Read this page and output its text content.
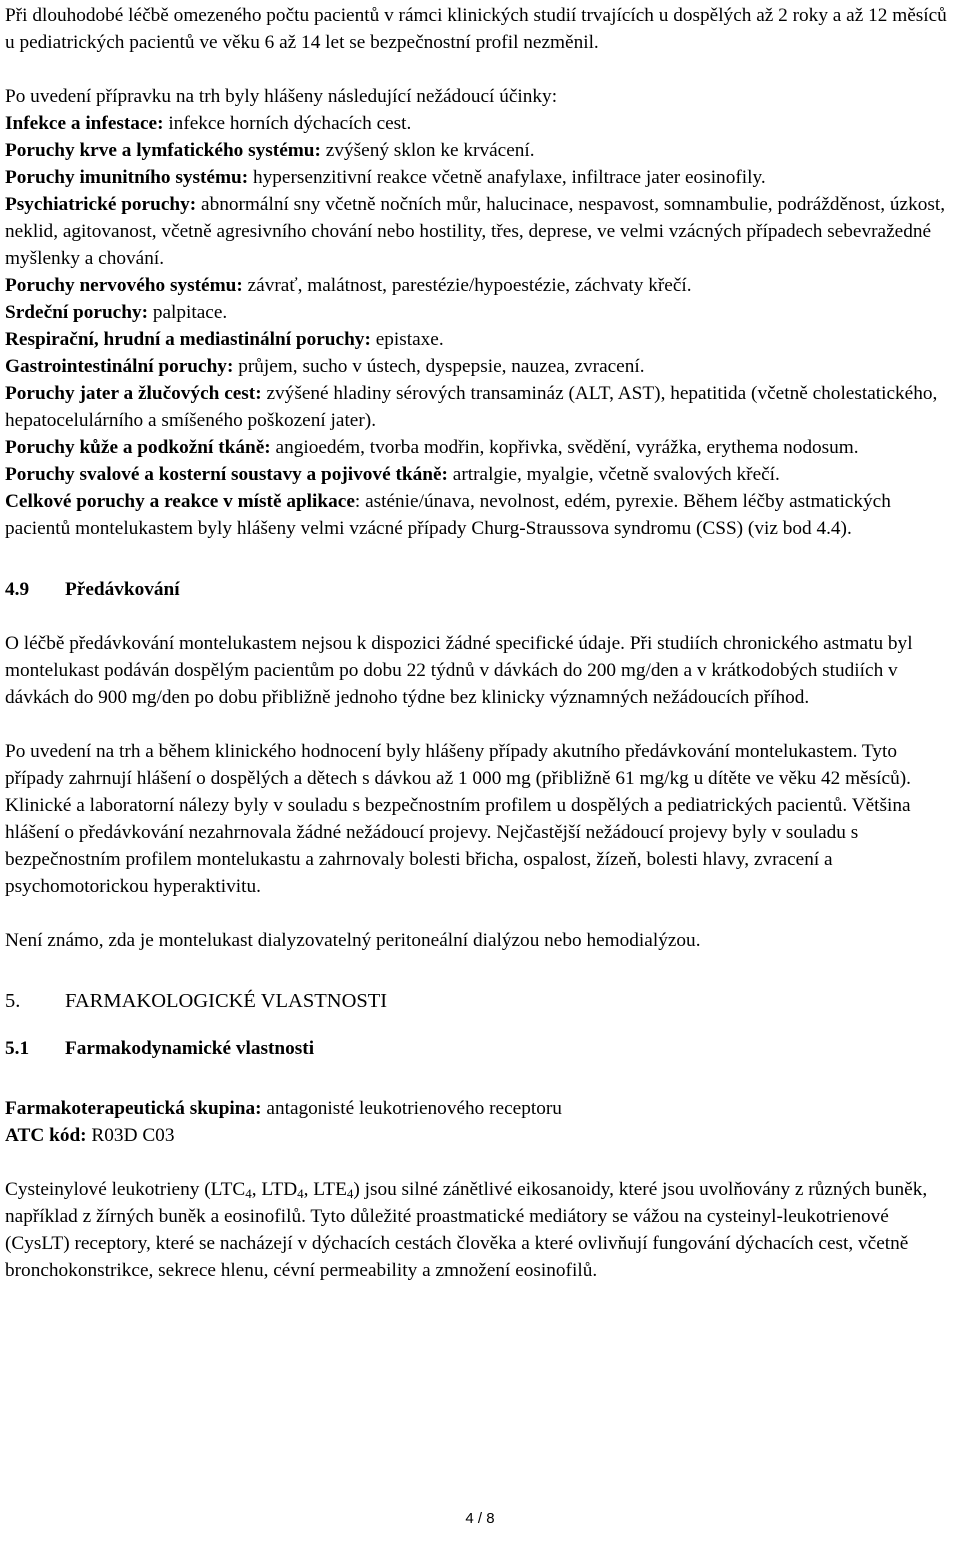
Při dlouhodobé léčbě omezeného počtu pacientů v rámci klinických studií trvajících u dospělých až 2 roky a až 12 měsíců u pediatrických pacientů ve věku 6 až 14 let se bezpečnostní profil nezměnil.

Po uvedení přípravku na trh byly hlášeny následující nežádoucí účinky:

Infekce a infestace: infekce horních dýchacích cest.

Poruchy krve a lymfatického systému: zvýšený sklon ke krvácení.

Poruchy imunitního systému: hypersenzitivní reakce včetně anafylaxe, infiltrace jater eosinofily.

Psychiatrické poruchy: abnormální sny včetně nočních můr, halucinace, nespavost, somnambulie, podrážděnost, úzkost, neklid, agitovanost, včetně agresivního chování nebo hostility, třes, deprese, ve velmi vzácných případech sebevražedné myšlenky a chování.

Poruchy nervového systému: závrať, malátnost, parestézie/hypoestézie, záchvaty křečí.

Srdeční poruchy: palpitace.

Respirační, hrudní a mediastinální poruchy: epistaxe.

Gastrointestinální poruchy: průjem, sucho v ústech, dyspepsie, nauzea, zvracení.

Poruchy jater a žlučových cest: zvýšené hladiny sérových transamináz (ALT, AST), hepatitida (včetně cholestatického, hepatocelulárního a smíšeného poškození jater).

Poruchy kůže a podkožní tkáně: angioedém, tvorba modřin, kopřivka, svědění, vyrážka, erythema nodosum.

Poruchy svalové a kosterní soustavy a pojivové tkáně: artralgie, myalgie, včetně svalových křečí.

Celkové poruchy a reakce v místě aplikace: asténie/únava, nevolnost, edém, pyrexie. Během léčby astmatických pacientů montelukastem byly hlášeny velmi vzácné případy Churg-Straussova syndromu (CSS) (viz bod 4.4).

4.9 Předávkování

O léčbě předávkování montelukastem nejsou k dispozici žádné specifické údaje. Při studiích chronického astmatu byl montelukast podáván dospělým pacientům po dobu 22 týdnů v dávkách do 200 mg/den a v krátkodobých studiích v dávkách do 900 mg/den po dobu přibližně jednoho týdne bez klinicky významných nežádoucích příhod.

Po uvedení na trh a během klinického hodnocení byly hlášeny případy akutního předávkování montelukastem. Tyto případy zahrnují hlášení o dospělých a dětech s dávkou až 1 000 mg (přibližně 61 mg/kg u dítěte ve věku 42 měsíců). Klinické a laboratorní nálezy byly v souladu s bezpečnostním profilem u dospělých a pediatrických pacientů. Většina hlášení o předávkování nezahrnovala žádné nežádoucí projevy. Nejčastější nežádoucí projevy byly v souladu s bezpečnostním profilem montelukastu a zahrnovaly bolesti břicha, ospalost, žízeň, bolesti hlavy, zvracení a psychomotorickou hyperaktivitu.

Není známo, zda je montelukast dialyzovatelný peritoneální dialýzou nebo hemodialýzou.

5. FARMAKOLOGICKÉ VLASTNOSTI

5.1 Farmakodynamické vlastnosti

Farmakoterapeutická skupina: antagonisté leukotrienového receptoru

ATC kód: R03D C03

Cysteinylové leukotrieny ($LTC_4$, $LTD_4$, $LTE_4$) jsou silné zánětlivé eikosanoidy, které jsou uvolňovány z různých buněk, například z žírných buněk a eosinofilů. Tyto důležité proastmatické mediátory se vážou na cysteinyl-leukotrienové (CysLT) receptory, které se nacházejí v dýchacích cestách člověka a které ovlivňují fungování dýchacích cest, včetně bronchokonstrikce, sekrece hlenu, cévní permeability a zmnožení eosinofilů.

4 / 8
